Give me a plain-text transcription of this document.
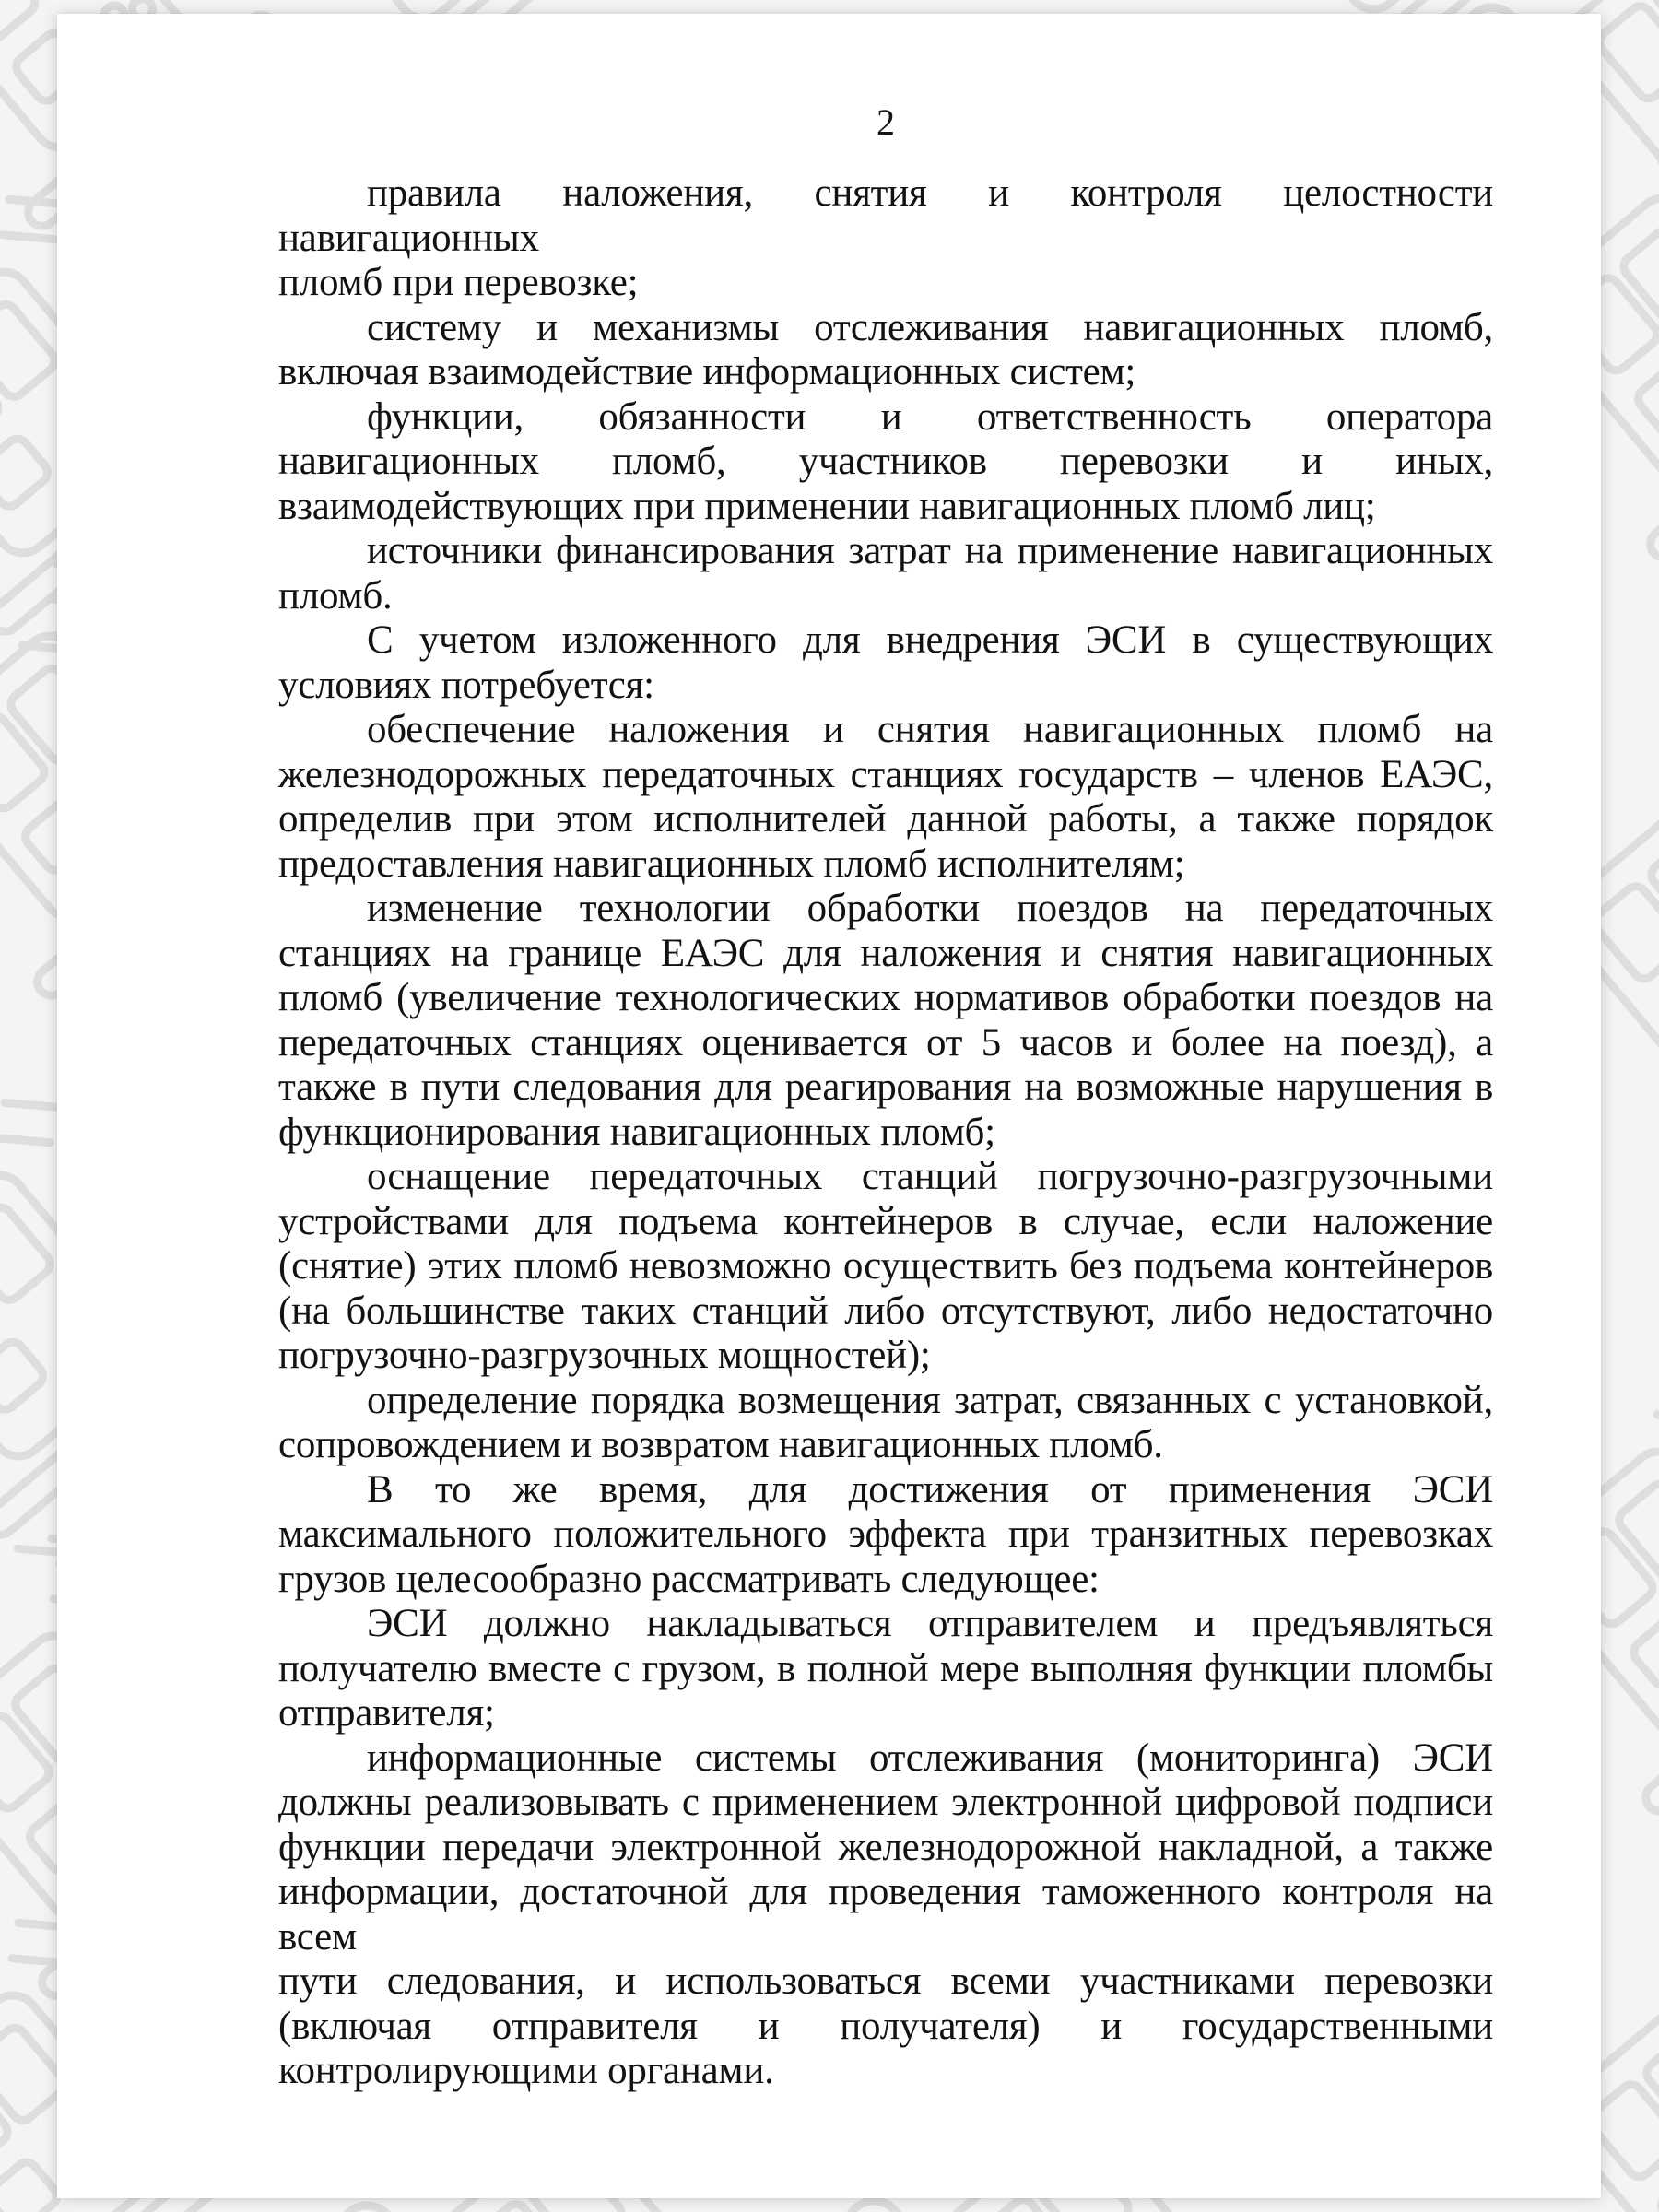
2
правила наложения, снятия и контроля целостности навигационных
пломб при перевозке;
систему и механизмы отслеживания навигационных пломб,
включая взаимодействие информационных систем;
функции, обязанности и ответственность оператора
навигационных пломб, участников перевозки и иных,
взаимодействующих при применении навигационных пломб лиц;
источники финансирования затрат на применение навигационных
пломб.
С учетом изложенного для внедрения ЭСИ в существующих
условиях потребуется:
обеспечение наложения и снятия навигационных пломб на
железнодорожных передаточных станциях государств – членов ЕАЭС,
определив при этом исполнителей данной работы, а также порядок
предоставления навигационных пломб исполнителям;
изменение технологии обработки поездов на передаточных
станциях на границе ЕАЭС для наложения и снятия навигационных
пломб (увеличение технологических нормативов обработки поездов на
передаточных станциях оценивается от 5 часов и более на поезд), а
также в пути следования для реагирования на возможные нарушения в
функционирования навигационных пломб;
оснащение передаточных станций погрузочно-разгрузочными
устройствами для подъема контейнеров в случае, если наложение
(снятие) этих пломб невозможно осуществить без подъема контейнеров
(на большинстве таких станций либо отсутствуют, либо недостаточно
погрузочно-разгрузочных мощностей);
определение порядка возмещения затрат, связанных с установкой,
сопровождением и возвратом навигационных пломб.
В то же время, для достижения от применения ЭСИ
максимального положительного эффекта при транзитных перевозках
грузов целесообразно рассматривать следующее:
ЭСИ должно накладываться отправителем и предъявляться
получателю вместе с грузом, в полной мере выполняя функции пломбы
отправителя;
информационные системы отслеживания (мониторинга) ЭСИ
должны реализовывать с применением электронной цифровой подписи
функции передачи электронной железнодорожной накладной, а также
информации, достаточной для проведения таможенного контроля на всем
пути следования, и использоваться всеми участниками перевозки
(включая отправителя и получателя) и государственными
контролирующими органами.
